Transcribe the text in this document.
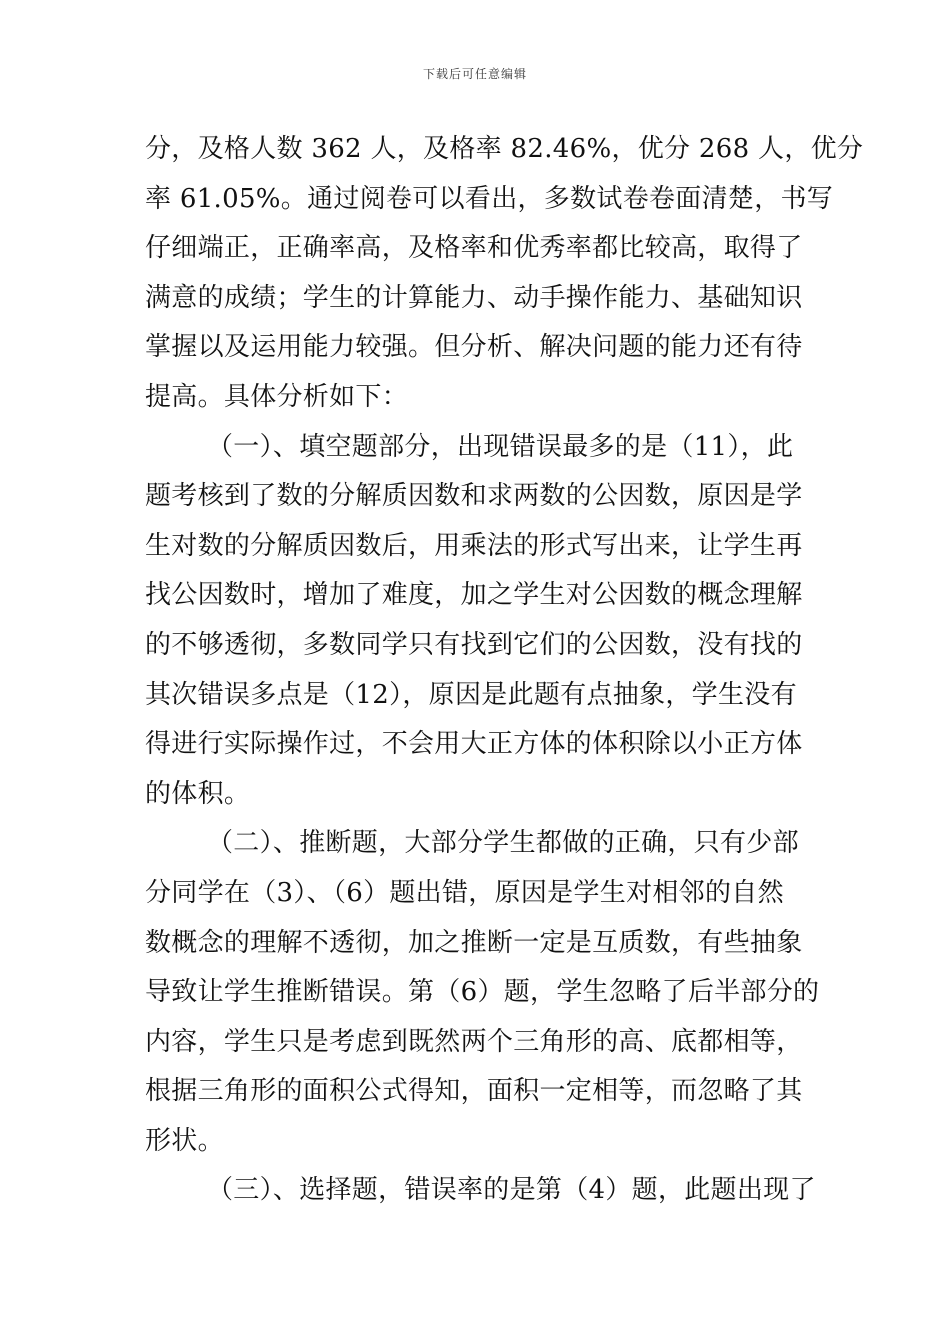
下载后可任意编辑
分，及格人数 362 人，及格率 82.46%，优分 268 人，优分
率 61.05%。通过阅卷可以看出，多数试卷卷面清楚，书写
仔细端正，正确率高，及格率和优秀率都比较高，取得了
满意的成绩；学生的计算能力、动手操作能力、基础知识
掌握以及运用能力较强。但分析、解决问题的能力还有待
提高。具体分析如下：
（一）、填空题部分，出现错误最多的是（11），此
题考核到了数的分解质因数和求两数的公因数，原因是学
生对数的分解质因数后，用乘法的形式写出来，让学生再
找公因数时，增加了难度，加之学生对公因数的概念理解
的不够透彻，多数同学只有找到它们的公因数，没有找的
其次错误多点是（12），原因是此题有点抽象，学生没有
得进行实际操作过，不会用大正方体的体积除以小正方体
的体积。
（二）、推断题，大部分学生都做的正确，只有少部
分同学在（3）、（6）题出错，原因是学生对相邻的自然
数概念的理解不透彻，加之推断一定是互质数，有些抽象
导致让学生推断错误。第（6）题，学生忽略了后半部分的
内容，学生只是考虑到既然两个三角形的高、底都相等，
根据三角形的面积公式得知，面积一定相等，而忽略了其
形状。
（三）、选择题，错误率的是第（4）题，此题出现了
